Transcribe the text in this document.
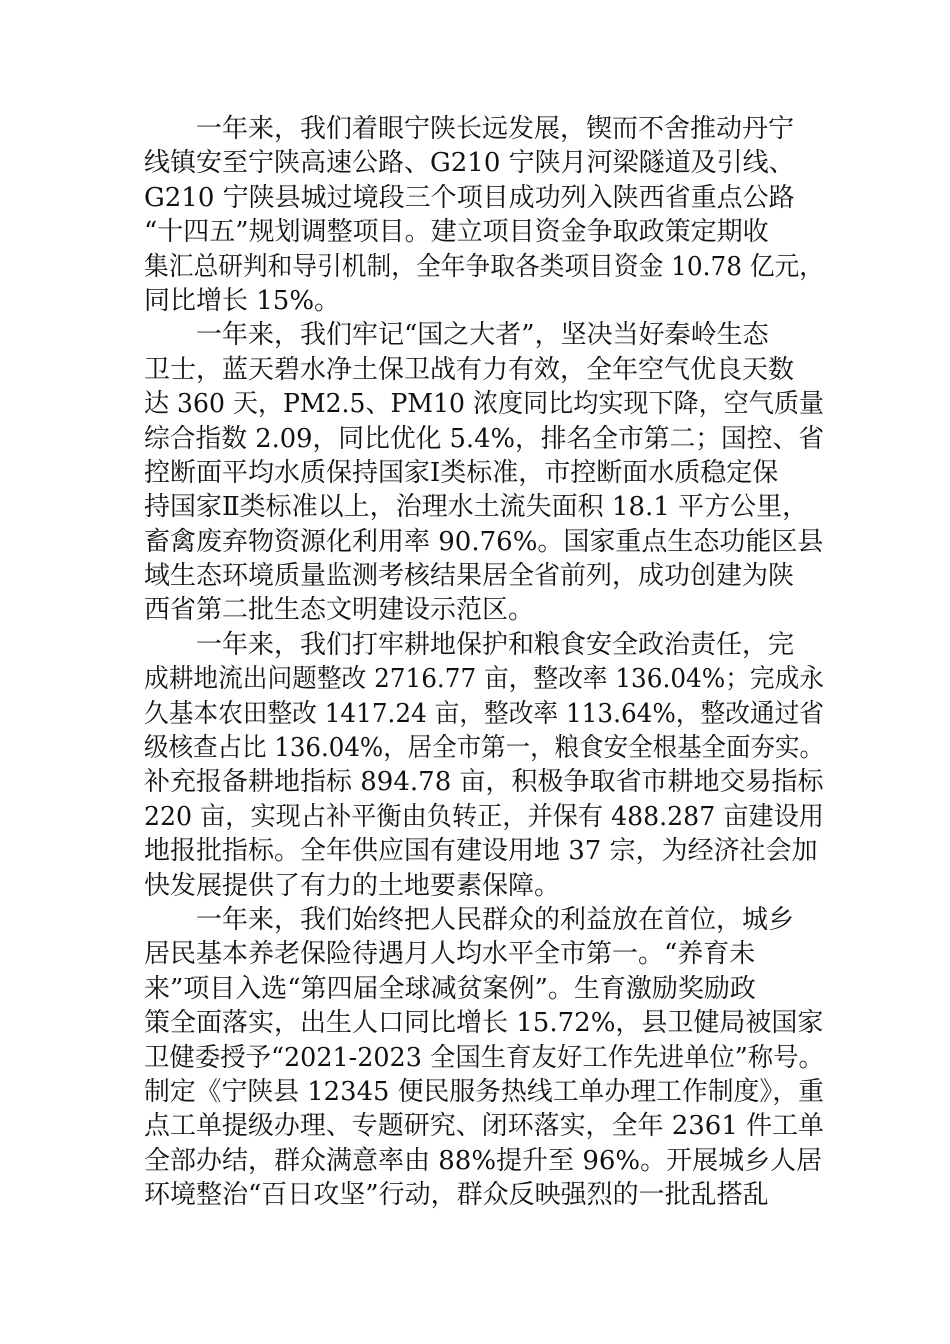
一年来，我们着眼宁陕长远发展，锲而不舍推动丹宁
线镇安至宁陕高速公路、G210 宁陕月河梁隧道及引线、
G210 宁陕县城过境段三个项目成功列入陕西省重点公路
“十四五”规划调整项目。建立项目资金争取政策定期收
集汇总研判和导引机制，全年争取各类项目资金 10.78 亿元，
同比增长 15%。
一年来，我们牢记“国之大者”，坚决当好秦岭生态
卫士，蓝天碧水净土保卫战有力有效，全年空气优良天数
达 360 天，PM2.5、PM10 浓度同比均实现下降，空气质量
综合指数 2.09，同比优化 5.4%，排名全市第二；国控、省
控断面平均水质保持国家Ⅰ类标准，市控断面水质稳定保
持国家Ⅱ类标准以上，治理水土流失面积 18.1 平方公里，
畜禽废弃物资源化利用率 90.76%。国家重点生态功能区县
域生态环境质量监测考核结果居全省前列，成功创建为陕
西省第二批生态文明建设示范区。
一年来，我们打牢耕地保护和粮食安全政治责任，完
成耕地流出问题整改 2716.77 亩，整改率 136.04%；完成永
久基本农田整改 1417.24 亩，整改率 113.64%，整改通过省
级核查占比 136.04%，居全市第一，粮食安全根基全面夯实。
补充报备耕地指标 894.78 亩，积极争取省市耕地交易指标
220 亩，实现占补平衡由负转正，并保有 488.287 亩建设用
地报批指标。全年供应国有建设用地 37 宗，为经济社会加
快发展提供了有力的土地要素保障。
一年来，我们始终把人民群众的利益放在首位，城乡
居民基本养老保险待遇月人均水平全市第一。“养育未
来”项目入选“第四届全球减贫案例”。生育激励奖励政
策全面落实，出生人口同比增长 15.72%，县卫健局被国家
卫健委授予“2021-2023 全国生育友好工作先进单位”称号。
制定《宁陕县 12345 便民服务热线工单办理工作制度》，重
点工单提级办理、专题研究、闭环落实，全年 2361 件工单
全部办结，群众满意率由 88%提升至 96%。开展城乡人居
环境整治“百日攻坚”行动，群众反映强烈的一批乱搭乱
